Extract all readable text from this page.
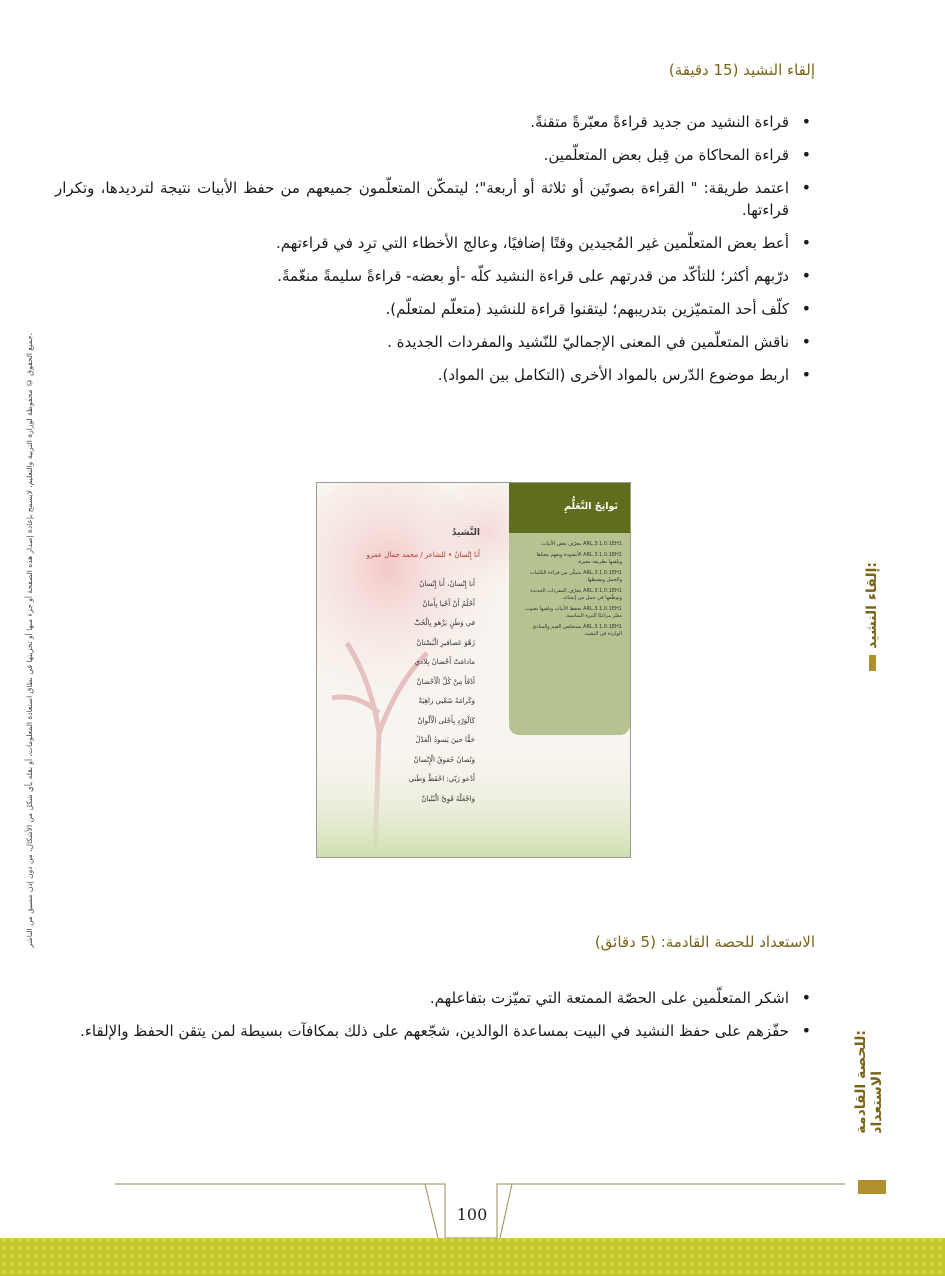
إلقاء النشيد (15 دقيقة)
• قراءة النشيد من جديد قراءةً معبّرةً متقنةً.
• قراءة المحاكاة من قِبل بعض المتعلّمين.
• اعتمد طريقة: " القراءة بصوتَين أو ثلاثة أو أربعة"؛ ليتمكّن المتعلّمون جميعهم من حفظ الأبيات نتيجة لترديدها، وتكرار قراءتها.
• أعط بعض المتعلّمين غير المُجيدين وقتًا إضافيًا، وعالج الأخطاء التي ترِد في قراءتهم.
• درّبهم أكثر؛ للتأكّد من قدرتهم على قراءة النشيد كلّه -أو بعضه- قراءةً سليمةً منغّمةً.
• كلّف أحد المتميّزين بتدريبهم؛ ليتقنوا قراءة للنشيد (متعلّم لمتعلّم).
• ناقش المتعلّمين في المعنى الإجماليّ للنّشيد والمفردات الجديدة .
• اربط موضوع الدّرس بالمواد الأخرى (التكامل بين المواد).
إلقاء النشيد:
جميع الحقوق © محفوظة لوزارة التربية والتعليم. لايسمح بإعادة إصدار هذه الصفحة أو جزء منها أو تخزينها في نطاق استعادة المعلومات، أو نقله بأي شكل من الأشكال، من دون إذن مسبق من الناشر.
النَّشيدُ
أَنا إِنْسانٌ • للشاعر / محمد جمال عمرو
أَنا إِنْسانٌ، أَنا إِنْسانٌ
أَحْلُمُ أَنْ أَحْيا بِأَمانْ
في وَطَنٍ يَزْهو بِالْحُبّْ
زَهْوَ عَصافيرِ الْبُسْتانْ
مادامَتْ أَحْضانُ بِلادي
أَدْفَأَ مِنْ كُلِّ الْأَحْضانْ
وَكَرامَةُ شَعْبي زاهِيَةٌ
كَالْوَرْدِ بِأَحْلى الْأَلْوانْ
حَقًّا حينَ يَسودُ الْعَدْلُ
وَتُصانُ حُقوقُ الْإِنْسانْ
أَدْعو رَبّي: احْفَظْ وَطَني
وَاجْعَلْهُ قَوِيَّ الْبُنْيانْ
نَواتِجُ التَّعَلُّمِ

ARL.3.1.0.1EH1 يتعرّف بعض الأبيات.

ARL.3.1.0.1EH1 الأنشودة ويفهم معناها ويلقيها بطريقة معبرة.

ARL.3.1.0.1EH1 يتمكّن من قراءة الكلمات والجمل ويضبطها.

ARL.3.1.0.1EH1 يتعرّف المفردات الجديدة ويوظّفها في جمل من إنشائه.

ARL.3.1.0.1EH1 يحفظ الأبيات ويلقيها بصوت معبّر مراعيًا النبرة المناسبة.

ARL.3.1.0.1EH1 يستخلص القيم والمبادئ الواردة في النشيد.

الاستعداد للحصة القادمة: (5 دقائق)
• اشكر المتعلّمين على الحصّة الممتعة التي تميّزت بتفاعلهم.
• حفّزهم على حفظ النشيد في البيت بمساعدة الوالدين، شجّعهم على ذلك بمكافآت بسيطة لمن يتقن الحفظ والإلقاء.
للحصة القادمة:
الاستعداد
100
